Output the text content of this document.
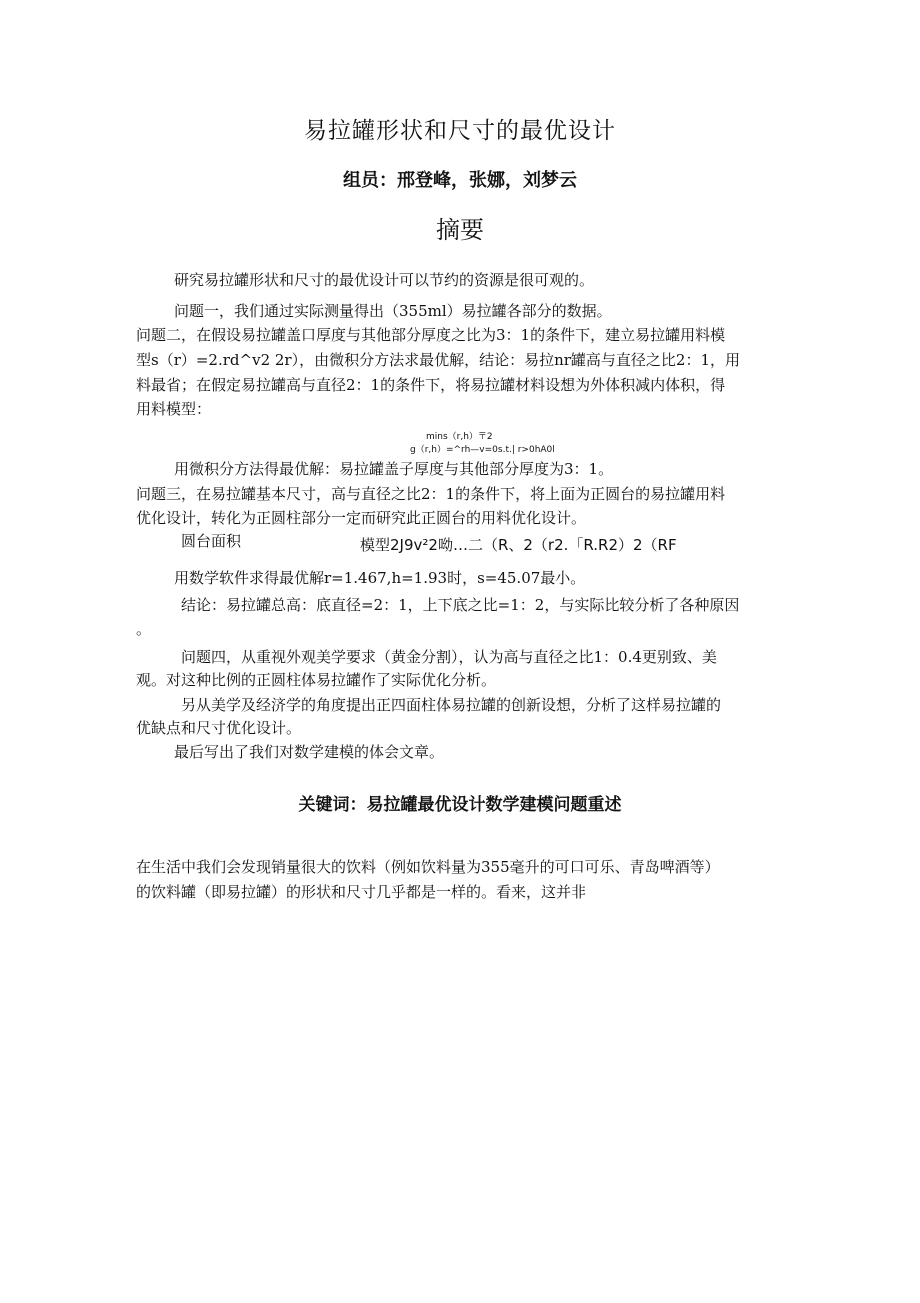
易拉罐形状和尺寸的最优设计
组员：邢登峰，张娜，刘梦云
摘要
研究易拉罐形状和尺寸的最优设计可以节约的资源是很可观的。
问题一，我们通过实际测量得出（355ml）易拉罐各部分的数据。
问题二，在假设易拉罐盖口厚度与其他部分厚度之比为3：1的条件下，建立易拉罐用料模
型s（r）=2.rd^v2 2r），由微积分方法求最优解，结论：易拉nr罐高与直径之比2：1，用
料最省；在假定易拉罐高与直径2：1的条件下，将易拉罐材料设想为外体积减内体积，得
用料模型：
mins（r,h）〒2
g（r,h）=^rh—v=0s.t.| r>0hA0l
用微积分方法得最优解：易拉罐盖子厚度与其他部分厚度为3：1。
问题三，在易拉罐基本尺寸，高与直径之比2：1的条件下，将上面为正圆台的易拉罐用料
优化设计，转化为正圆柱部分一定而研究此正圆台的用料优化设计。
圆台面积	模型2J9v²2呦…二（R、2（r2.「R.R2）2（RF
用数学软件求得最优解r=1.467,h=1.93时，s=45.07最小。
结论：易拉罐总高：底直径=2：1，上下底之比=1：2，与实际比较分析了各种原因
。
问题四，从重视外观美学要求（黄金分割），认为高与直径之比1：0.4更别致、美
观。对这种比例的正圆柱体易拉罐作了实际优化分析。
另从美学及经济学的角度提出正四面柱体易拉罐的创新设想，分析了这样易拉罐的
优缺点和尺寸优化设计。
最后写出了我们对数学建模的体会文章。
关键词：易拉罐最优设计数学建模问题重述
在生活中我们会发现销量很大的饮料（例如饮料量为355毫升的可口可乐、青岛啤酒等）
的饮料罐（即易拉罐）的形状和尺寸几乎都是一样的。看来，这并非
